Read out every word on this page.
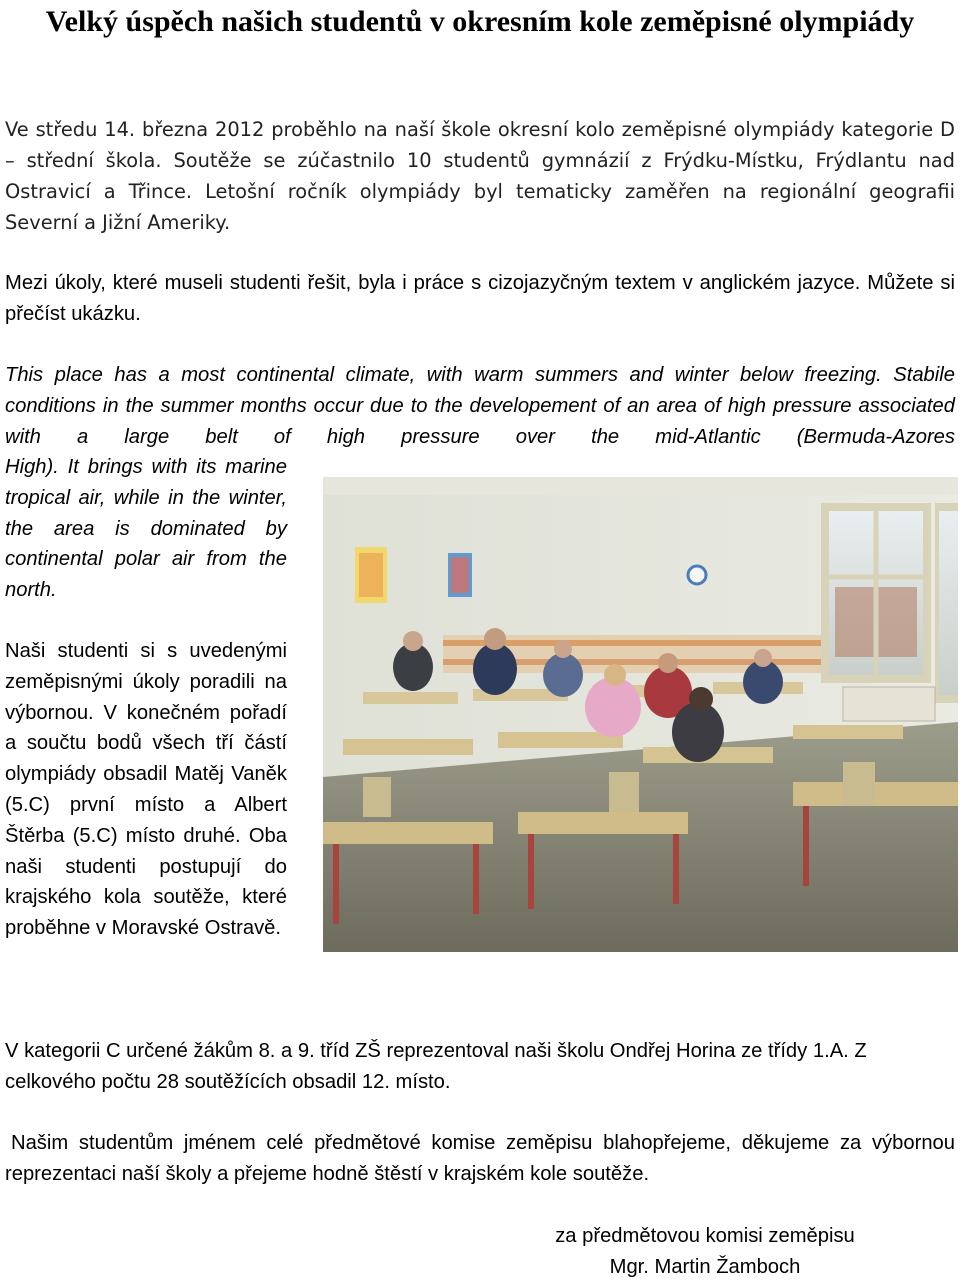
Velký úspěch našich studentů v okresním kole zeměpisné olympiády

Ve středu 14. března 2012 proběhlo na naší škole okresní kolo zeměpisné olympiády kategorie D – střední škola. Soutěže se zúčastnilo 10 studentů gymnázií z Frýdku-Místku, Frýdlantu nad Ostravicí a Třince. Letošní ročník olympiády byl tematicky zaměřen na regionální geografii Severní a Jižní Ameriky.

Mezi úkoly, které museli studenti řešit, byla i práce s cizojazyčným textem v anglickém jazyce. Můžete si přečíst ukázku.

This place has a most continental climate, with warm summers and winter below freezing. Stabile conditions in the summer months occur due to the developement of an area of high pressure associated with a large belt of high pressure over the mid-Atlantic (Bermuda-Azores

High). It brings with its marine tropical air, while in the winter, the area is dominated by continental polar air from the north.

Naši studenti si s uvedenými zeměpisnými úkoly poradili na výbornou. V konečném pořadí a součtu bodů všech tří částí olympiády obsadil Matěj Vaněk (5.C) první místo a Albert Štěrba (5.C) místo druhé. Oba naši studenti postupují do krajského kola soutěže, které proběhne v Moravské Ostravě.

V kategorii C určené žákům 8. a 9. tříd ZŠ reprezentoval naši školu Ondřej Horina ze třídy 1.A. Z celkového počtu 28 soutěžících obsadil 12. místo.

Našim studentům jménem celé předmětové komise zeměpisu blahopřejeme, děkujeme za výbornou reprezentaci naší školy a přejeme hodně štěstí v krajském kole soutěže.

za předmětovou komisi zeměpisu
Mgr. Martin Žamboch
